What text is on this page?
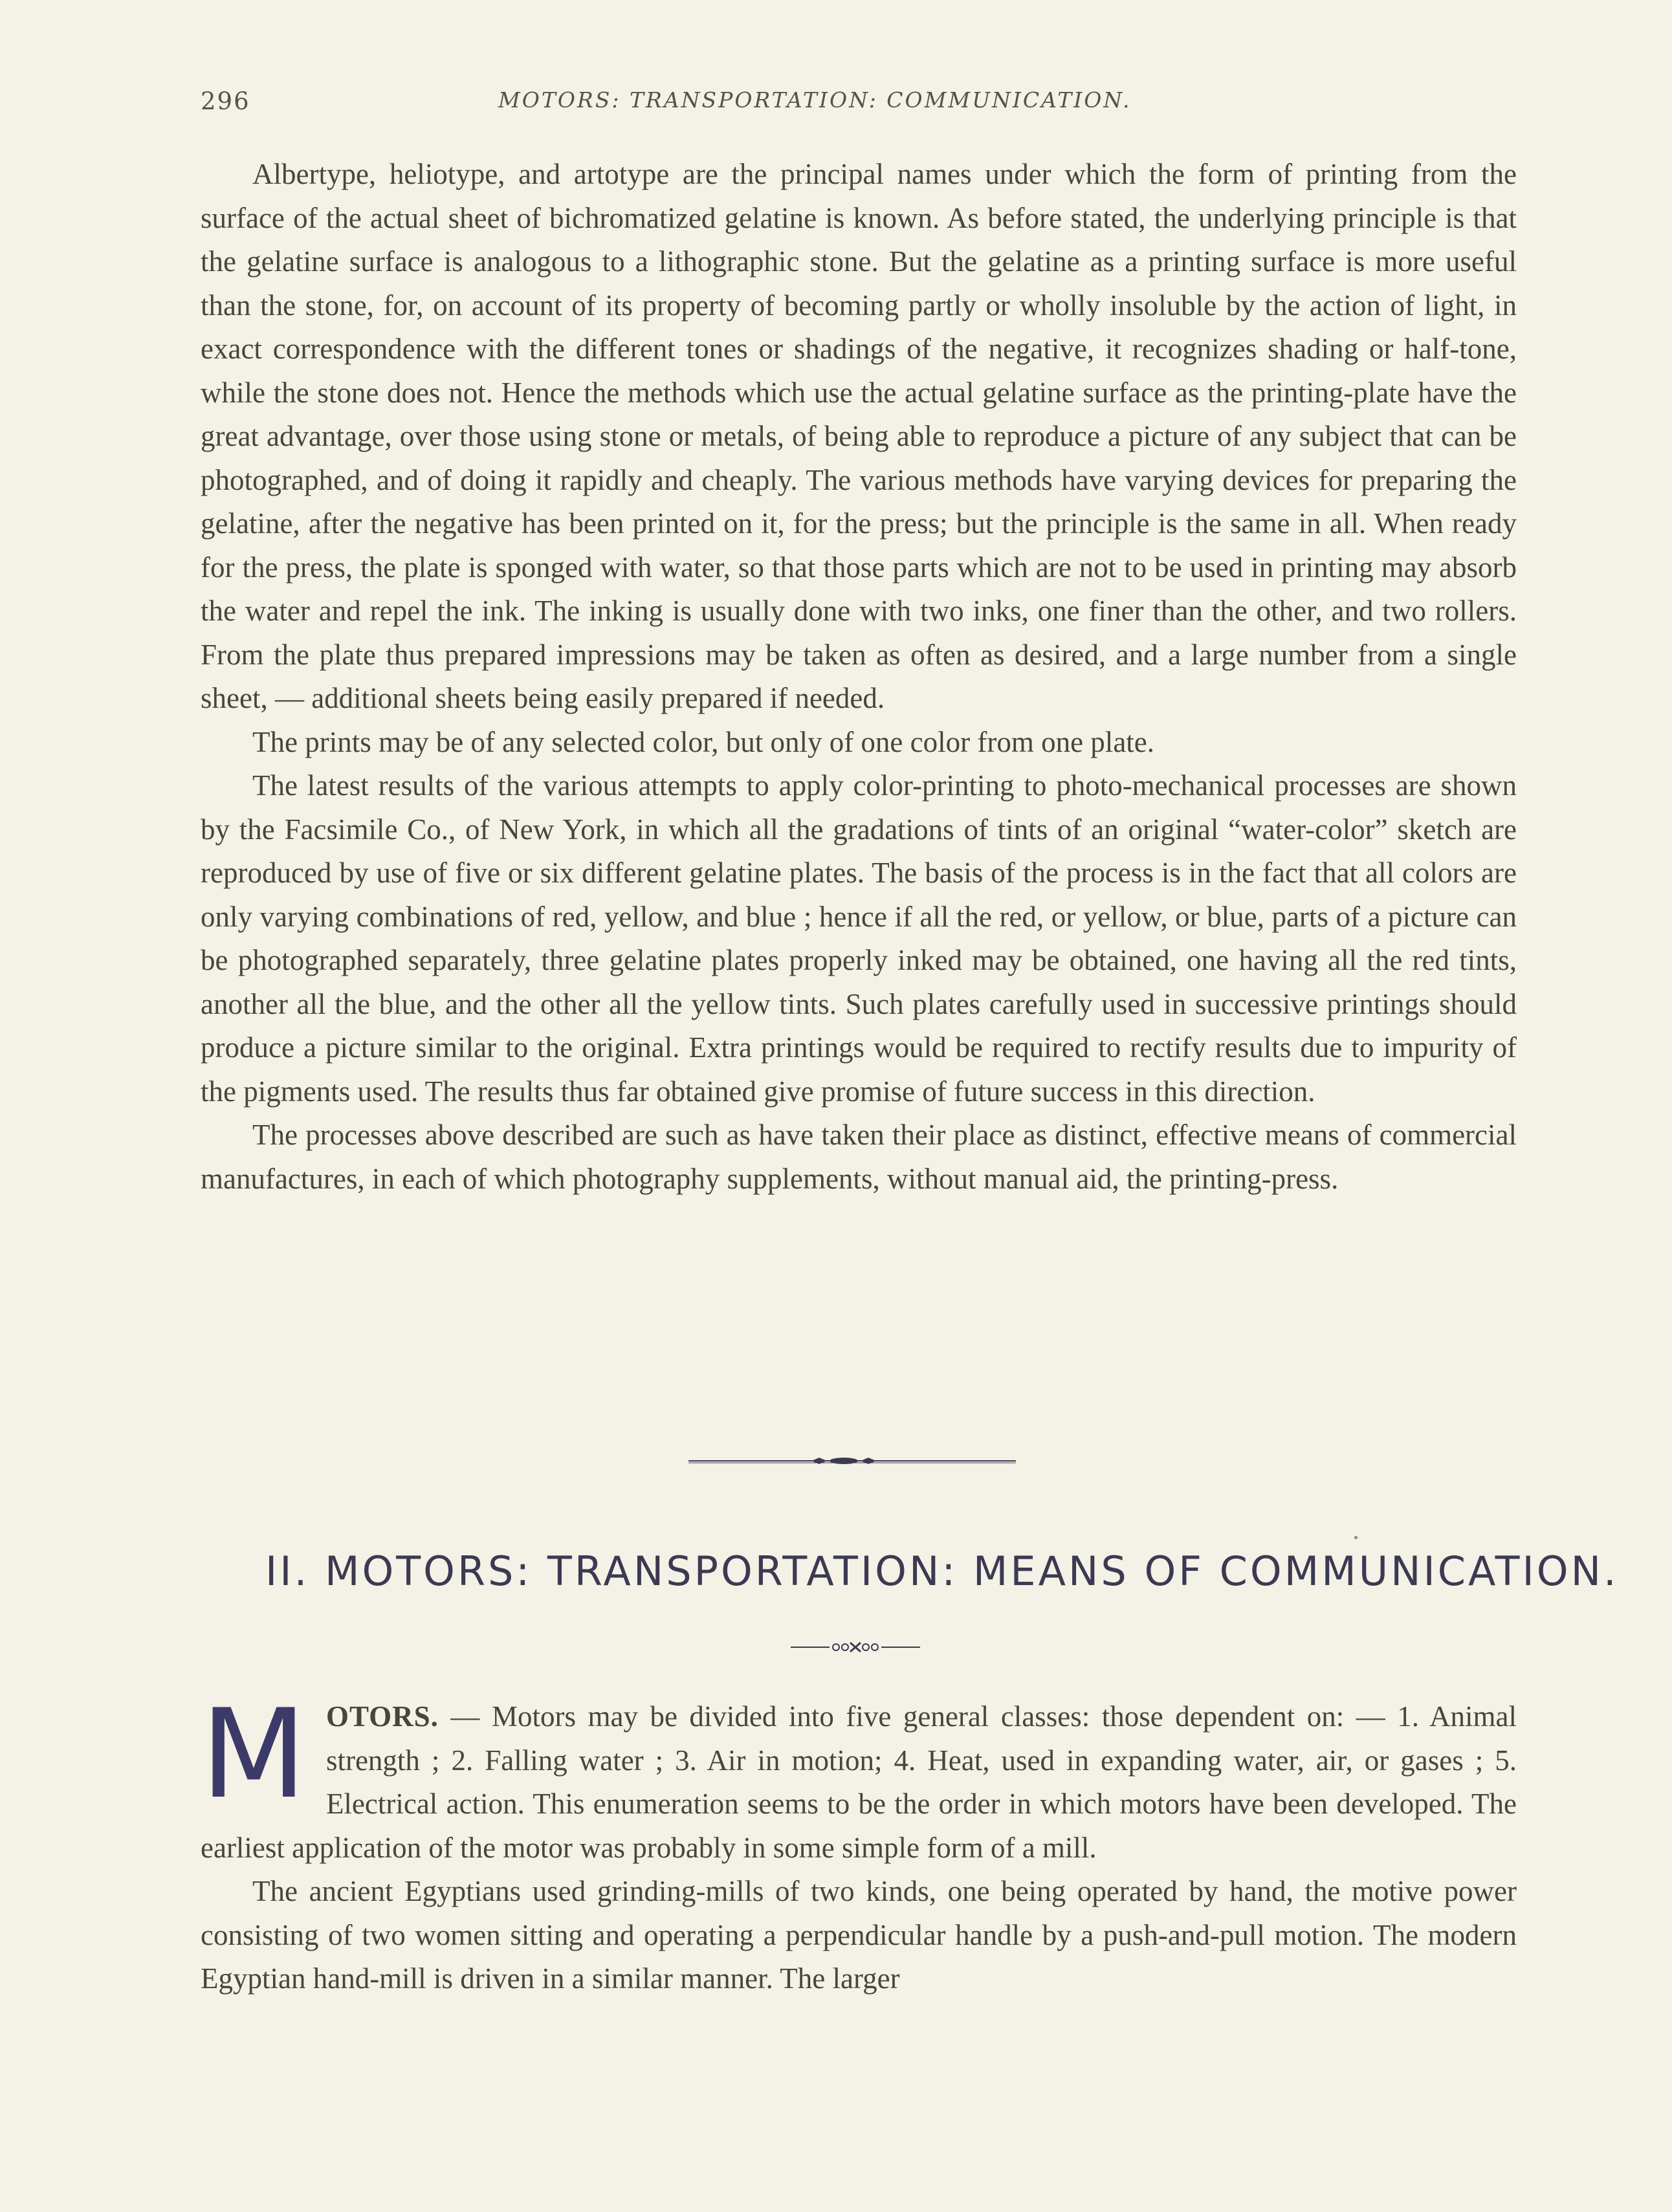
296	MOTORS: TRANSPORTATION: COMMUNICATION.

Albertype, heliotype, and artotype are the principal names under which the form of printing from the surface of the actual sheet of bichromatized gelatine is known. As before stated, the underlying principle is that the gelatine surface is analogous to a lithographic stone. But the gelatine as a printing surface is more useful than the stone, for, on account of its property of becoming partly or wholly insoluble by the action of light, in exact correspondence with the different tones or shadings of the negative, it recognizes shading or half-tone, while the stone does not. Hence the methods which use the actual gelatine surface as the printing-plate have the great advantage, over those using stone or metals, of being able to reproduce a picture of any subject that can be photographed, and of doing it rapidly and cheaply. The various methods have varying devices for preparing the gelatine, after the negative has been printed on it, for the press; but the principle is the same in all. When ready for the press, the plate is sponged with water, so that those parts which are not to be used in printing may absorb the water and repel the ink. The inking is usually done with two inks, one finer than the other, and two rollers. From the plate thus prepared impressions may be taken as often as desired, and a large number from a single sheet, — additional sheets being easily prepared if needed.

The prints may be of any selected color, but only of one color from one plate.

The latest results of the various attempts to apply color-printing to photo-mechanical processes are shown by the Facsimile Co., of New York, in which all the gradations of tints of an original “water-color” sketch are reproduced by use of five or six different gelatine plates. The basis of the process is in the fact that all colors are only varying combinations of red, yellow, and blue ; hence if all the red, or yellow, or blue, parts of a picture can be photographed separately, three gelatine plates properly inked may be obtained, one having all the red tints, another all the blue, and the other all the yellow tints. Such plates carefully used in successive printings should produce a picture similar to the original. Extra printings would be required to rectify results due to impurity of the pigments used. The results thus far obtained give promise of future success in this direction.

The processes above described are such as have taken their place as distinct, effective means of commercial manufactures, in each of which photography supplements, without manual aid, the printing-press.

II. MOTORS: TRANSPORTATION: MEANS OF COMMUNICATION.

MOTORS. — Motors may be divided into five general classes: those dependent on: — 1. Animal strength ; 2. Falling water ; 3. Air in motion; 4. Heat, used in expanding water, air, or gases ; 5. Electrical action. This enumeration seems to be the order in which motors have been developed. The earliest application of the motor was probably in some simple form of a mill.

The ancient Egyptians used grinding-mills of two kinds, one being operated by hand, the motive power consisting of two women sitting and operating a perpendicular handle by a push-and-pull motion. The modern Egyptian hand-mill is driven in a similar manner. The larger
